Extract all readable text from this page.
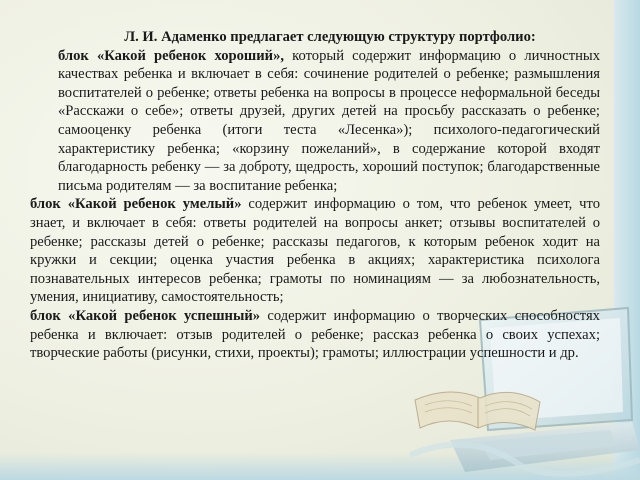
Л. И. Адаменко предлагает следующую структуру портфолио:

блок «Какой ребенок хороший», который содержит информацию о личностных качествах ребенка и включает в себя: сочинение родителей о ребенке; размышления воспитателей о ребенке; ответы ребенка на вопросы в процессе неформальной беседы «Расскажи о себе»; ответы друзей, других детей на просьбу рассказать о ребенке; самооценку ребенка (итоги теста «Лесенка»); психолого-педагогический характеристику ребенка; «корзину пожеланий», в содержание которой входят благодарность ребенку — за доброту, щедрость, хороший поступок; благодарственные письма родителям — за воспитание ребенка;

блок «Какой ребенок умелый» содержит информацию о том, что ребенок умеет, что знает, и включает в себя: ответы родителей на вопросы анкет; отзывы воспитателей о ребенке; рассказы детей о ребенке; рассказы педагогов, к которым ребенок ходит на кружки и секции; оценка участия ребенка в акциях; характеристика психолога познавательных интересов ребенка; грамоты по номинациям — за любознательность, умения, инициативу, самостоятельность;

блок «Какой ребенок успешный» содержит информацию о творческих способностях ребенка и включает: отзыв родителей о ребенке; рассказ ребенка о своих успехах; творческие работы (рисунки, стихи, проекты); грамоты; иллюстрации успешности и др.
